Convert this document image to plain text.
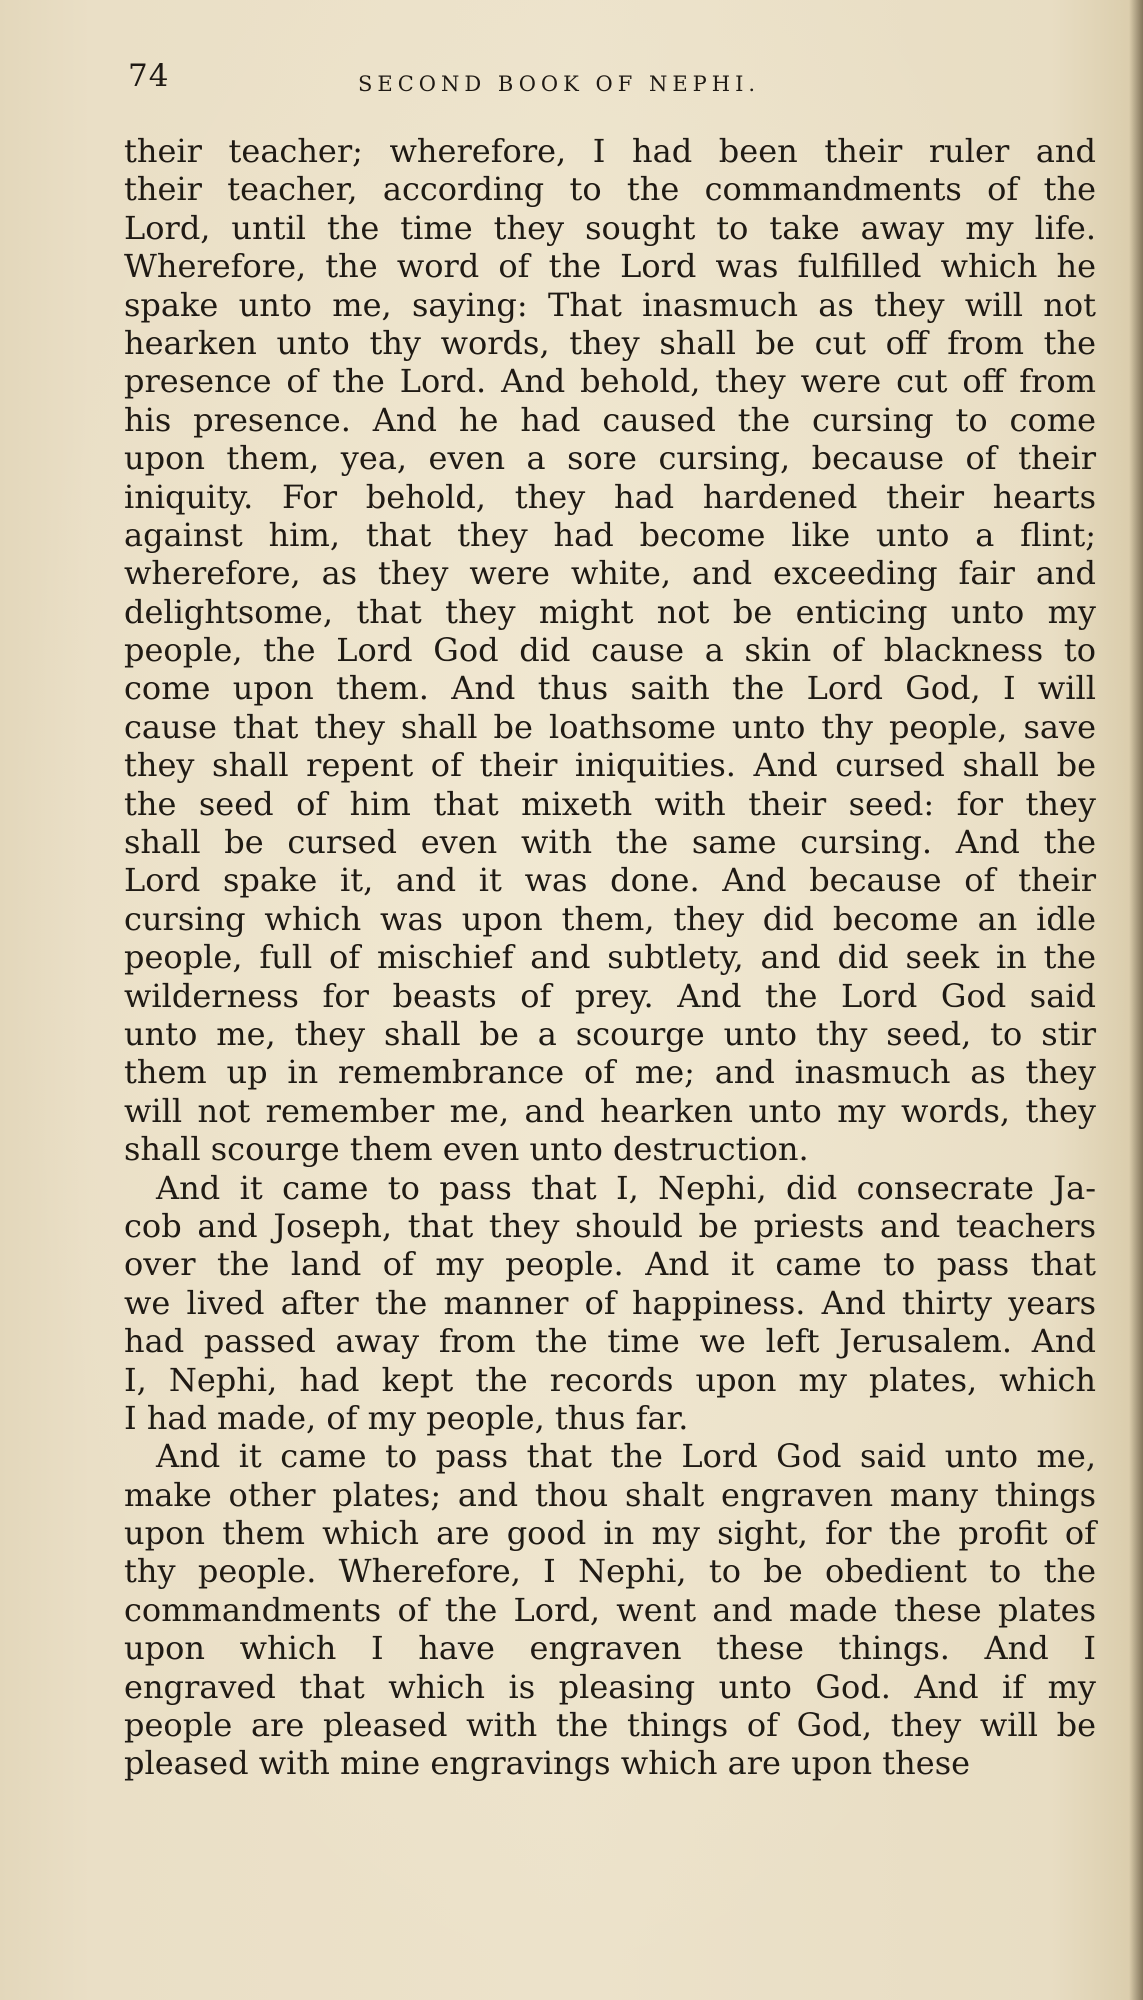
74	SECOND BOOK OF NEPHI.
their teacher; wherefore, I had been their ruler and
their teacher, according to the commandments of the
Lord, until the time they sought to take away my life.
Wherefore, the word of the Lord was fulfilled which he
spake unto me, saying: That inasmuch as they will not
hearken unto thy words, they shall be cut off from the
presence of the Lord. And behold, they were cut off from
his presence. And he had caused the cursing to come
upon them, yea, even a sore cursing, because of their
iniquity. For behold, they had hardened their hearts
against him, that they had become like unto a flint;
wherefore, as they were white, and exceeding fair and
delightsome, that they might not be enticing unto my
people, the Lord God did cause a skin of blackness to
come upon them. And thus saith the Lord God, I will
cause that they shall be loathsome unto thy people, save
they shall repent of their iniquities. And cursed shall be
the seed of him that mixeth with their seed: for they
shall be cursed even with the same cursing. And the
Lord spake it, and it was done. And because of their
cursing which was upon them, they did become an idle
people, full of mischief and subtlety, and did seek in the
wilderness for beasts of prey. And the Lord God said
unto me, they shall be a scourge unto thy seed, to stir
them up in remembrance of me; and inasmuch as they
will not remember me, and hearken unto my words, they
shall scourge them even unto destruction.
And it came to pass that I, Nephi, did consecrate Ja-
cob and Joseph, that they should be priests and teachers
over the land of my people. And it came to pass that
we lived after the manner of happiness. And thirty years
had passed away from the time we left Jerusalem. And
I, Nephi, had kept the records upon my plates, which
I had made, of my people, thus far.
And it came to pass that the Lord God said unto me,
make other plates; and thou shalt engraven many things
upon them which are good in my sight, for the profit of
thy people. Wherefore, I Nephi, to be obedient to the
commandments of the Lord, went and made these plates
upon which I have engraven these things. And I
engraved that which is pleasing unto God. And if my
people are pleased with the things of God, they will be
pleased with mine engravings which are upon these
